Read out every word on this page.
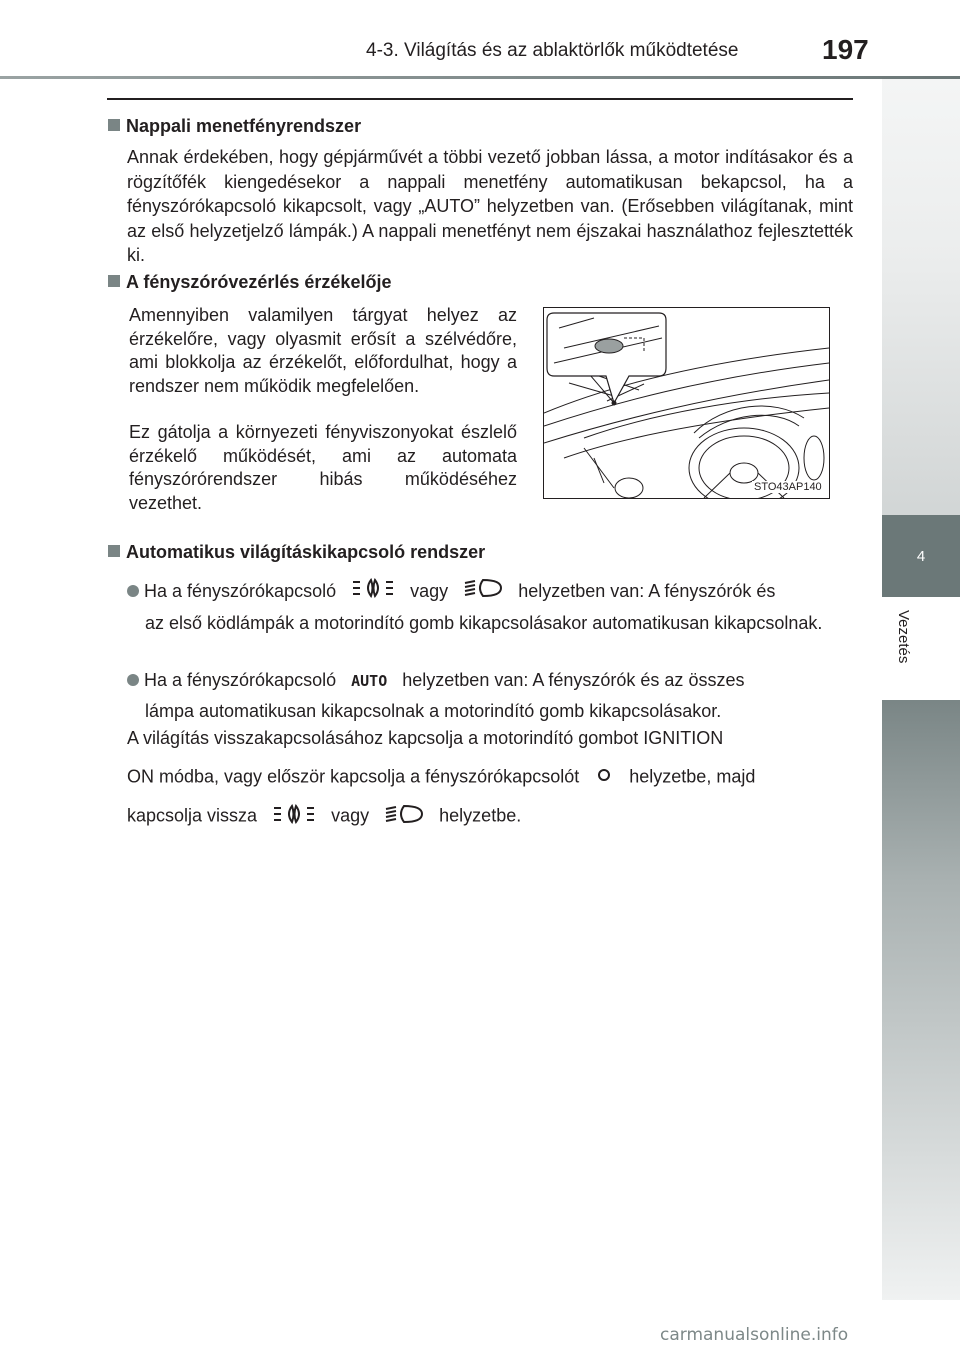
4-3. Világítás és az ablaktörlők működtetése	197
4
Vezetés
Nappali menetfényrendszer
Annak érdekében, hogy gépjárművét a többi vezető jobban lássa, a motor indításakor és a rögzítőfék kiengedésekor a nappali menetfény automatikusan bekapcsol, ha a fényszórókapcsoló kikapcsolt, vagy „AUTO” helyzetben van. (Erősebben világítanak, mint az első helyzetjelző lámpák.) A nappali menetfényt nem éjszakai használathoz fejlesztették ki.
A fényszóróvezérlés érzékelője
Amennyiben valamilyen tárgyat helyez az érzékelőre, vagy olyasmit erősít a szélvédőre, ami blokkolja az érzékelőt, előfordulhat, hogy a rendszer nem működik megfelelően.
Ez gátolja a környezeti fényviszonyokat észlelő érzékelő működését, ami az automata fényszórórendszer hibás működéséhez vezethet.
STO43AP140
Automatikus világításkikapcsoló rendszer
Ha a fényszórókapcsoló	vagy	helyzetben van: A fényszórók és
az első ködlámpák a motorindító gomb kikapcsolásakor automatikusan kikapcsolnak.
Ha a fényszórókapcsoló AUTO helyzetben van: A fényszórók és az összes
lámpa automatikusan kikapcsolnak a motorindító gomb kikapcsolásakor.
A világítás visszakapcsolásához kapcsolja a motorindító gombot IGNITION
ON módba, vagy először kapcsolja a fényszórókapcsolót	helyzetbe, majd
kapcsolja vissza	vagy	helyzetbe.
carmanualsonline.info
